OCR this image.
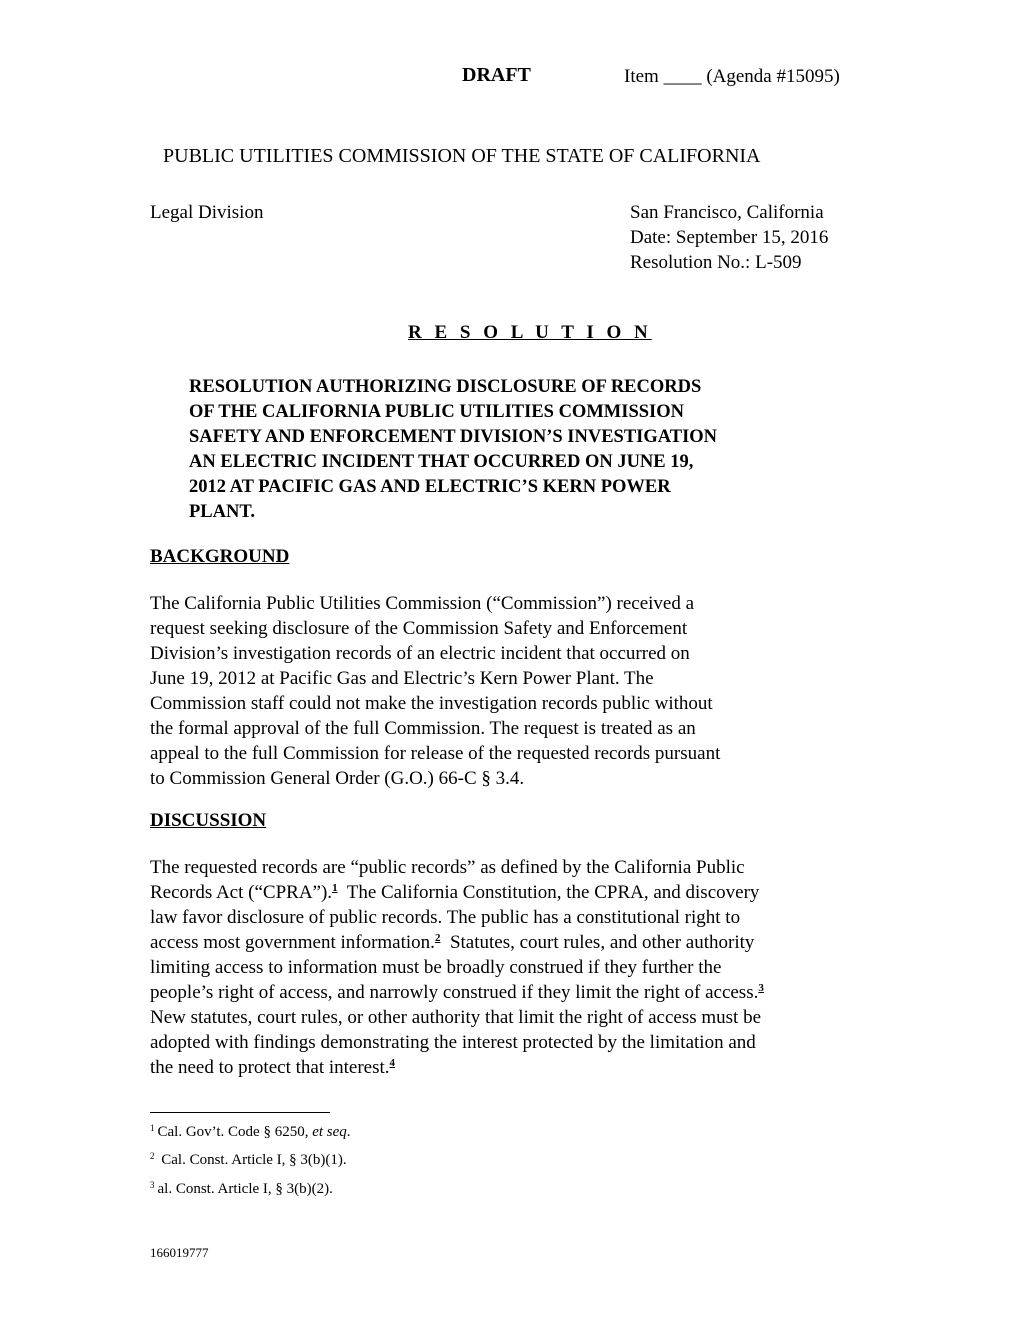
DRAFT	Item ____ (Agenda #15095)
PUBLIC UTILITIES COMMISSION OF THE STATE OF CALIFORNIA
Legal Division	San Francisco, California
Date: September 15, 2016
Resolution No.: L-509
R E S O L U T I O N
RESOLUTION AUTHORIZING DISCLOSURE OF RECORDS
OF THE CALIFORNIA PUBLIC UTILITIES COMMISSION
SAFETY AND ENFORCEMENT DIVISION’S INVESTIGATION
AN ELECTRIC INCIDENT THAT OCCURRED ON JUNE 19,
2012 AT PACIFIC GAS AND ELECTRIC’S KERN POWER
PLANT.
BACKGROUND
The California Public Utilities Commission (“Commission”) received a
request seeking disclosure of the Commission Safety and Enforcement
Division’s investigation records of an electric incident that occurred on
June 19, 2012 at Pacific Gas and Electric’s Kern Power Plant. The
Commission staff could not make the investigation records public without
the formal approval of the full Commission. The request is treated as an
appeal to the full Commission for release of the requested records pursuant
to Commission General Order (G.O.) 66-C § 3.4.
DISCUSSION
The requested records are “public records” as defined by the California Public
Records Act (“CPRA”).$^1$  The California Constitution, the CPRA, and discovery
law favor disclosure of public records. The public has a constitutional right to
access most government information.$^2$  Statutes, court rules, and other authority
limiting access to information must be broadly construed if they further the
people’s right of access, and narrowly construed if they limit the right of access.$^3$
New statutes, court rules, or other authority that limit the right of access must be
adopted with findings demonstrating the interest protected by the limitation and
the need to protect that interest.$^4$
$^1$ Cal. Gov’t. Code § 6250, et seq.
$^2$ Cal. Const. Article I, § 3(b)(1).
$^3$ al. Const. Article I, § 3(b)(2).
166019777
